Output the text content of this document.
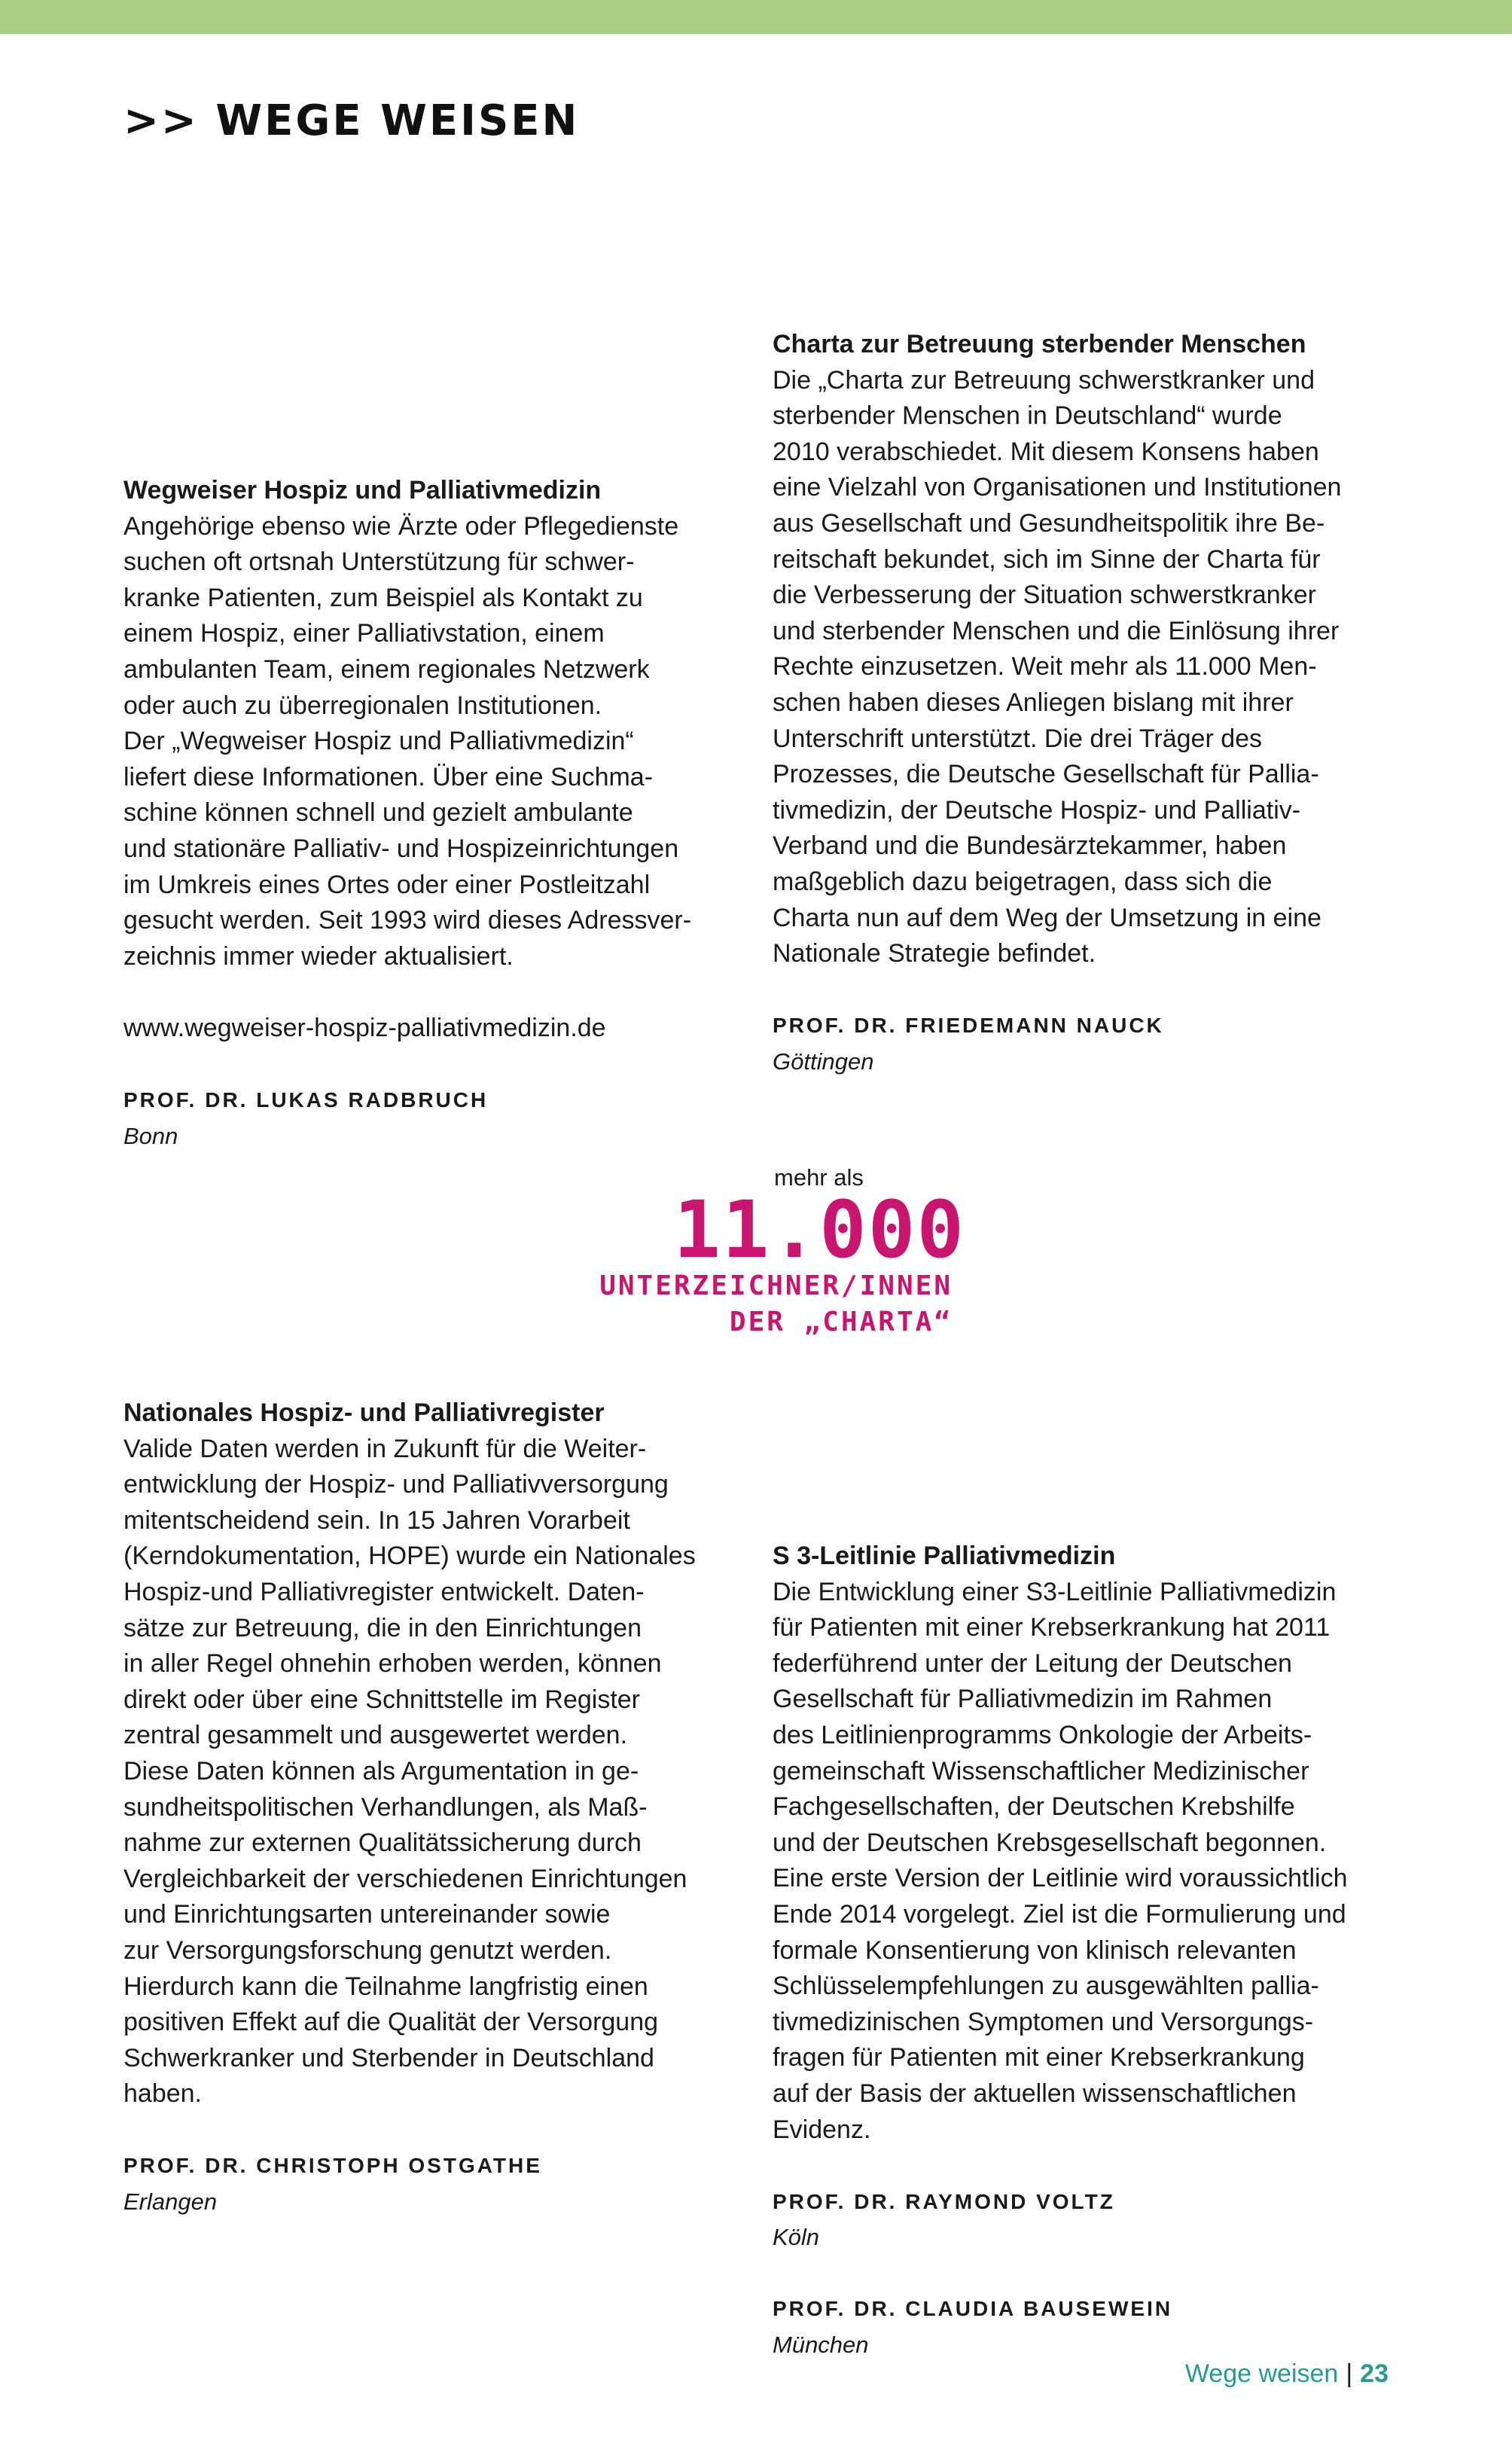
>> WEGE WEISEN
Wegweiser Hospiz und Palliativmedizin

Angehörige ebenso wie Ärzte oder Pflegedienste

suchen oft ortsnah Unterstützung für schwer-

kranke Patienten, zum Beispiel als Kontakt zu

einem Hospiz, einer Palliativstation, einem

ambulanten Team, einem regionales Netzwerk

oder auch zu überregionalen Institutionen.

Der „Wegweiser Hospiz und Palliativmedizin“

liefert diese Informationen. Über eine Suchma-

schine können schnell und gezielt ambulante

und stationäre Palliativ- und Hospizeinrichtungen

im Umkreis eines Ortes oder einer Postleitzahl

gesucht werden. Seit 1993 wird dieses Adressver-

zeichnis immer wieder aktualisiert.

www.wegweiser-hospiz-palliativmedizin.de
PROF. DR. LUKAS RADBRUCH
Bonn
Charta zur Betreuung sterbender Menschen

Die „Charta zur Betreuung schwerstkranker und

sterbender Menschen in Deutschland“ wurde

2010 verabschiedet. Mit diesem Konsens haben

eine Vielzahl von Organisationen und Institutionen

aus Gesellschaft und Gesundheitspolitik ihre Be-

reitschaft bekundet, sich im Sinne der Charta für

die Verbesserung der Situation schwerstkranker

und sterbender Menschen und die Einlösung ihrer

Rechte einzusetzen. Weit mehr als 11.000 Men-

schen haben dieses Anliegen bislang mit ihrer

Unterschrift unterstützt. Die drei Träger des

Prozesses, die Deutsche Gesellschaft für Pallia-

tivmedizin, der Deutsche Hospiz- und Palliativ-

Verband und die Bundesärztekammer, haben

maßgeblich dazu beigetragen, dass sich die

Charta nun auf dem Weg der Umsetzung in eine

Nationale Strategie befindet.

PROF. DR. FRIEDEMANN NAUCK
Göttingen
mehr als
11.000
UNTERZEICHNER/INNEN
DER „CHARTA“
Nationales Hospiz- und Palliativregister

Valide Daten werden in Zukunft für die Weiter-

entwicklung der Hospiz- und Palliativversorgung

mitentscheidend sein. In 15 Jahren Vorarbeit

(Kerndokumentation, HOPE) wurde ein Nationales

Hospiz-und Palliativregister entwickelt. Daten-

sätze zur Betreuung, die in den Einrichtungen

in aller Regel ohnehin erhoben werden, können

direkt oder über eine Schnittstelle im Register

zentral gesammelt und ausgewertet werden.

Diese Daten können als Argumentation in ge-

sundheitspolitischen Verhandlungen, als Maß-

nahme zur externen Qualitätssicherung durch

Vergleichbarkeit der verschiedenen Einrichtungen

und Einrichtungsarten untereinander sowie

zur Versorgungsforschung genutzt werden.

Hierdurch kann die Teilnahme langfristig einen

positiven Effekt auf die Qualität der Versorgung

Schwerkranker und Sterbender in Deutschland

haben.

PROF. DR. CHRISTOPH OSTGATHE
Erlangen
S 3-Leitlinie Palliativmedizin

Die Entwicklung einer S3-Leitlinie Palliativmedizin

für Patienten mit einer Krebserkrankung hat 2011

federführend unter der Leitung der Deutschen

Gesellschaft für Palliativmedizin im Rahmen

des Leitlinienprogramms Onkologie der Arbeits-

gemeinschaft Wissenschaftlicher Medizinischer

Fachgesellschaften, der Deutschen Krebshilfe

und der Deutschen Krebsgesellschaft begonnen.

Eine erste Version der Leitlinie wird voraussichtlich

Ende 2014 vorgelegt. Ziel ist die Formulierung und

formale Konsentierung von klinisch relevanten

Schlüsselempfehlungen zu ausgewählten pallia-

tivmedizinischen Symptomen und Versorgungs-

fragen für Patienten mit einer Krebserkrankung

auf der Basis der aktuellen wissenschaftlichen

Evidenz.

PROF. DR. RAYMOND VOLTZ
Köln
PROF. DR. CLAUDIA BAUSEWEIN
München
Wege weisen | 23
